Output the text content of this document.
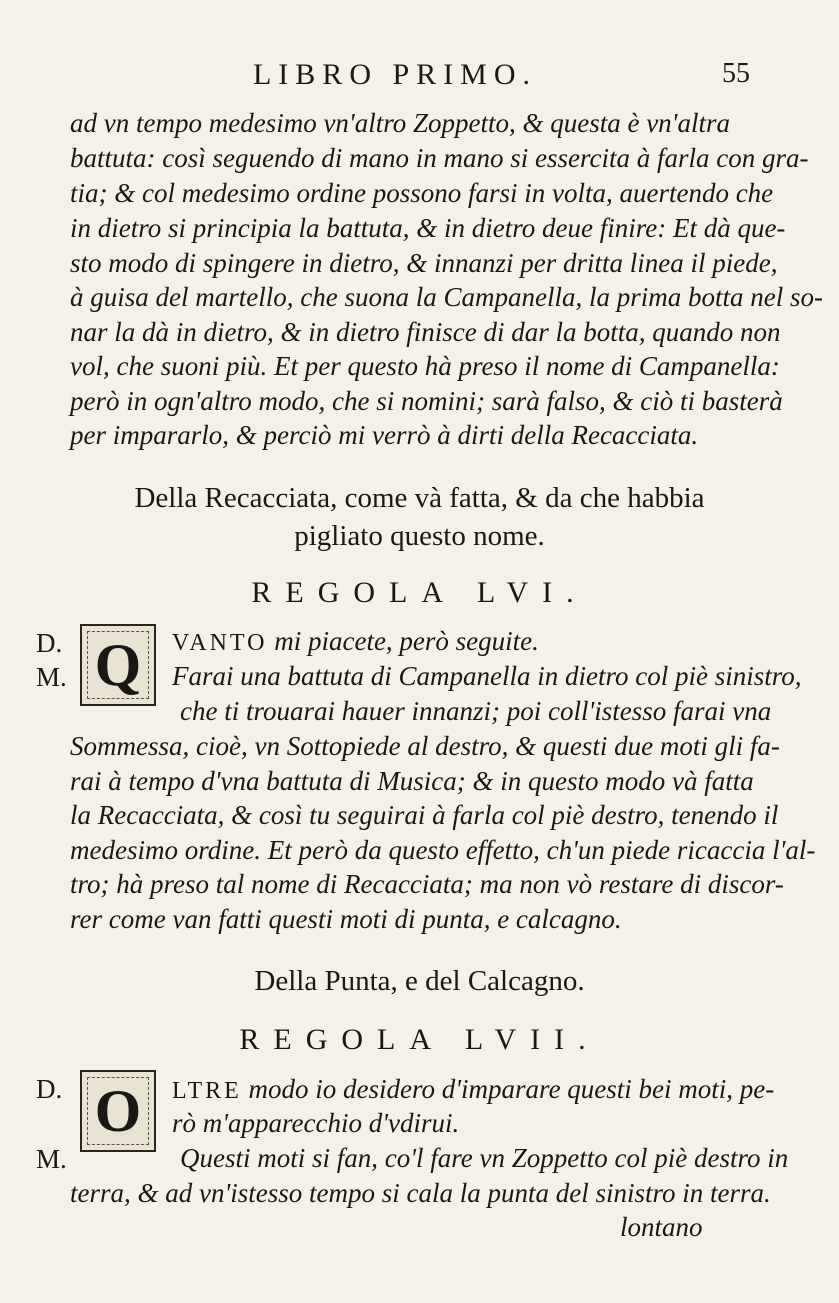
LIBRO PRIMO.	55
ad vn tempo medesimo vn'altro Zoppetto, & questa è vn'altra
battuta: così seguendo di mano in mano si essercita à farla con gra-
tia; & col medesimo ordine possono farsi in volta, auertendo che
in dietro si principia la battuta, & in dietro deue finire: Et dà que-
sto modo di spingere in dietro, & innanzi per dritta linea il piede,
à guisa del martello, che suona la Campanella, la prima botta nel so-
nar la dà in dietro, & in dietro finisce di dar la botta, quando non
vol, che suoni più. Et per questo hà preso il nome di Campanella:
però in ogn'altro modo, che si nomini; sarà falso, & ciò ti basterà
per impararlo, & perciò mi verrò à dirti della Recacciata.
Della Recacciata, come và fatta, & da che habbia
pigliato questo nome.
REGOLA LVI.
D.
M. Q VANTO mi piacete, però seguite.
Farai una battuta di Campanella in dietro col piè sinistro,
che ti trouarai hauer innanzi; poi coll'istesso farai vna
Sommessa, cioè, vn Sottopiede al destro, & questi due moti gli fa-
rai à tempo d'vna battuta di Musica; & in questo modo và fatta
la Recacciata, & così tu seguirai à farla col piè destro, tenendo il
medesimo ordine. Et però da questo effetto, ch'un piede ricaccia l'al-
tro; hà preso tal nome di Recacciata; ma non vò restare di discor-
rer come van fatti questi moti di punta, e calcagno.
Della Punta, e del Calcagno.
REGOLA LVII.
D.
M.
O LTRE modo io desidero d'imparare questi bei moti, pe-
rò m'apparecchio d'vdirui.
Questi moti si fan, co'l fare vn Zoppetto col piè destro in
terra, & ad vn'istesso tempo si cala la punta del sinistro in terra.
lontano
